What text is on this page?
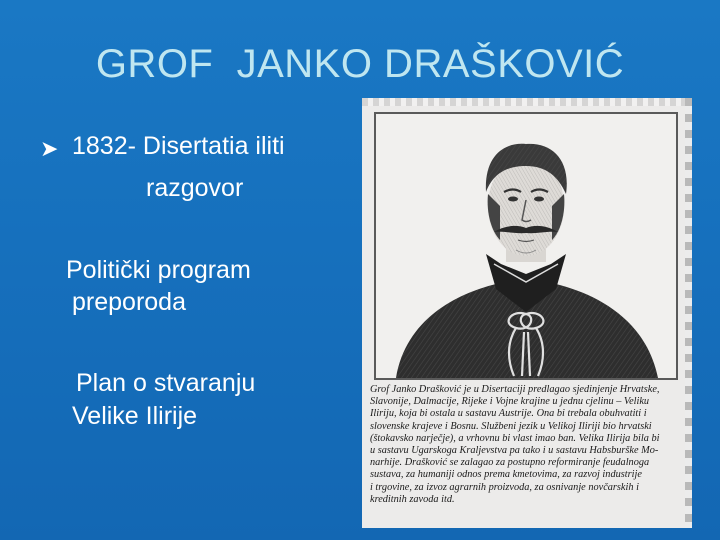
GROF  JANKO DRAŠKOVIĆ
➤ 1832- Disertatia iliti
razgovor
Politički program
preporoda
Plan o stvaranju
Velike Ilirije
Grof Janko Drašković je u Disertaciji predlagao sjedinjenje Hrvatske,
Slavonije, Dalmacije, Rijeke i Vojne krajine u jednu cjelinu – Veliku
Iliriju, koja bi ostala u sastavu Austrije. Ona bi trebala obuhvatiti i
slovenske krajeve i Bosnu. Službeni jezik u Velikoj Iliriji bio hrvatski
(štokavsko narječje), a vrhovnu bi vlast imao ban. Velika Ilirija bila bi
u sastavu Ugarskoga Kraljevstva pa tako i u sastavu Habsburške Mo-
narhije. Drašković se zalagao za postupno reformiranje feudalnoga
sustava, za humaniji odnos prema kmetovima, za razvoj industrije
i trgovine, za izvoz agrarnih proizvoda, za osnivanje novčarskih i
kreditnih zavoda itd.
